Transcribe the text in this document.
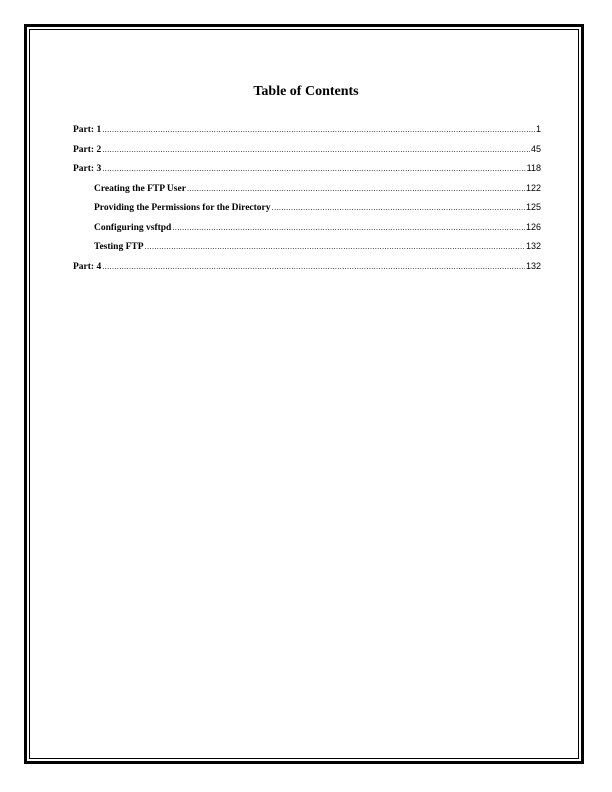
Table of Contents
Part: 1 .....	1
Part: 2 .....	45
Part: 3 .....	118
Creating the FTP User .....	122
Providing the Permissions for the Directory .....	125
Configuring vsftpd .....	126
Testing FTP .....	132
Part: 4 .....	132
